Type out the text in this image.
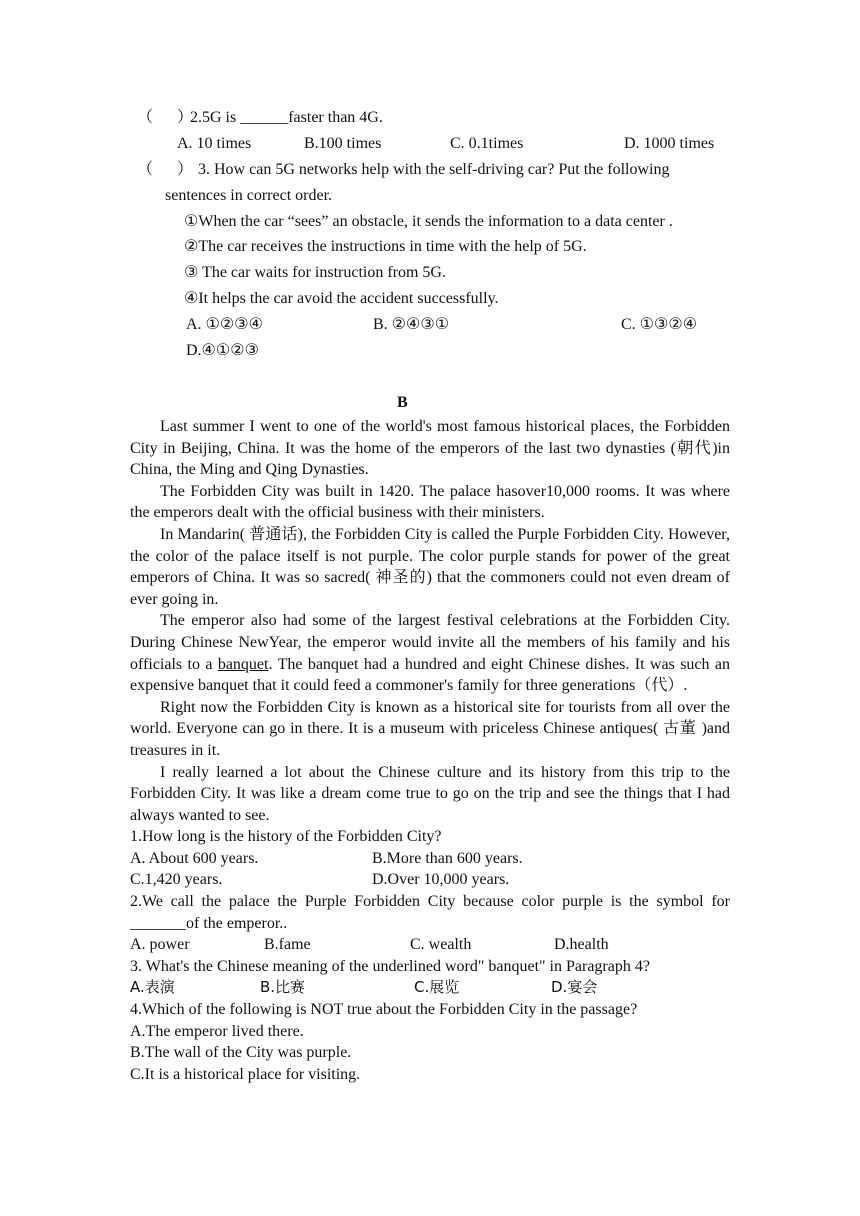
（      ）
2.5G is ______faster than 4G.
A. 10 times	B.100 times	C. 0.1times	D. 1000 times
（      ） 3. How can 5G networks help with the self-driving car? Put the following
sentences in correct order.
①When the car “sees” an obstacle, it sends the information to a data center .
②The car receives the instructions in time with the help of 5G.
③ The car waits for instruction from 5G.
④It helps the car avoid the accident successfully.
A. ①②③④	B. ②④③①	C. ①③②④
D.④①②③
B

Last summer I went to one of the world's most famous historical places, the Forbidden City in Beijing, China. It was the home of the emperors of the last two dynasties (朝代)in China, the Ming and Qing Dynasties.

The Forbidden City was built in 1420. The palace hasover10,000 rooms. It was where the emperors dealt with the official business with their ministers.

In Mandarin( 普通话), the Forbidden City is called the Purple Forbidden City. However, the color of the palace itself is not purple. The color purple stands for power of the great emperors of China. It was so sacred( 神圣的) that the commoners could not even dream of ever going in.

The emperor also had some of the largest festival celebrations at the Forbidden City. During Chinese NewYear, the emperor would invite all the members of his family and his officials to a banquet. The banquet had a hundred and eight Chinese dishes. It was such an expensive banquet that it could feed a commoner's family for three generations（代）.

Right now the Forbidden City is known as a historical site for tourists from all over the world. Everyone can go in there. It is a museum with priceless Chinese antiques( 古董 )and treasures in it.

I really learned a lot about the Chinese culture and its history from this trip to the Forbidden City. It was like a dream come true to go on the trip and see the things that I had always wanted to see.

1.How long is the history of the Forbidden City?

A. About 600 years.	B.More than 600 years.
C.1,420 years.	D.Over 10,000 years.

2.We call the palace the Purple Forbidden City because color purple is the symbol for _______of the emperor..

A. power	B.fame	C. wealth	D.health

3. What's the Chinese meaning of the underlined word" banquet" in Paragraph 4?

A.表演	B.比赛	C.展览	D.宴会

4.Which of the following is NOT true about the Forbidden City in the passage?

A.The emperor lived there.

B.The wall of the City was purple.

C.It is a historical place for visiting.
